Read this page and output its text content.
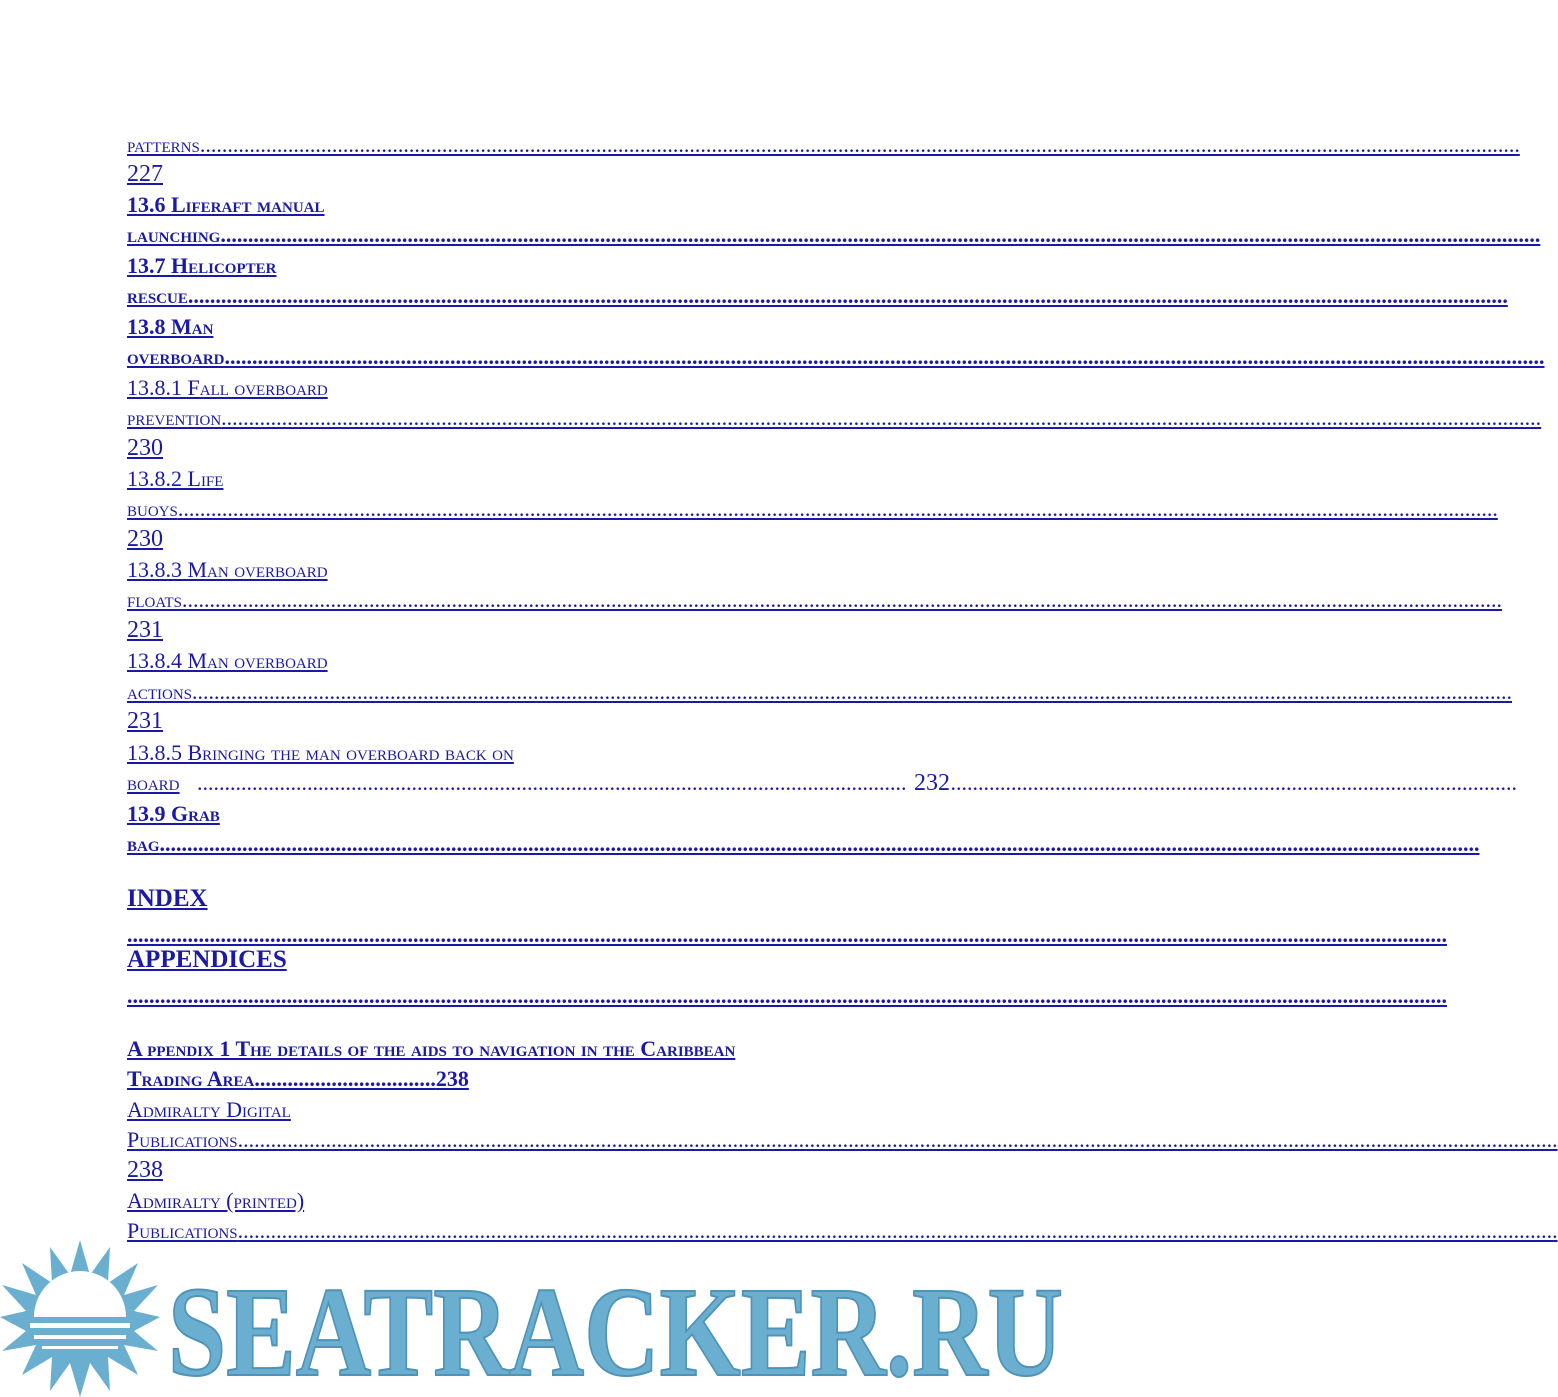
patterns .....
227
13.6 Liferaft manual
launching .....
13.7 Helicopter
rescue .....
13.8 Man
overboard .....
13.8.1 Fall overboard
prevention .....
230
13.8.2 Life
buoys .....
230
13.8.3 Man overboard
floats .....
231
13.8.4 Man overboard
actions .....
231
13.8.5 Bringing the man overboard back on
board
.....	232
13.9 Grab
bag .....
INDEX
.....
APPENDICES
.....
A ppendix 1 The details of the aids to navigation in the Caribbean
Trading Area.................................238
Admiralty Digital
Publications .....
238
Admiralty (printed)
Publications .....
SEATRACKER.RU
